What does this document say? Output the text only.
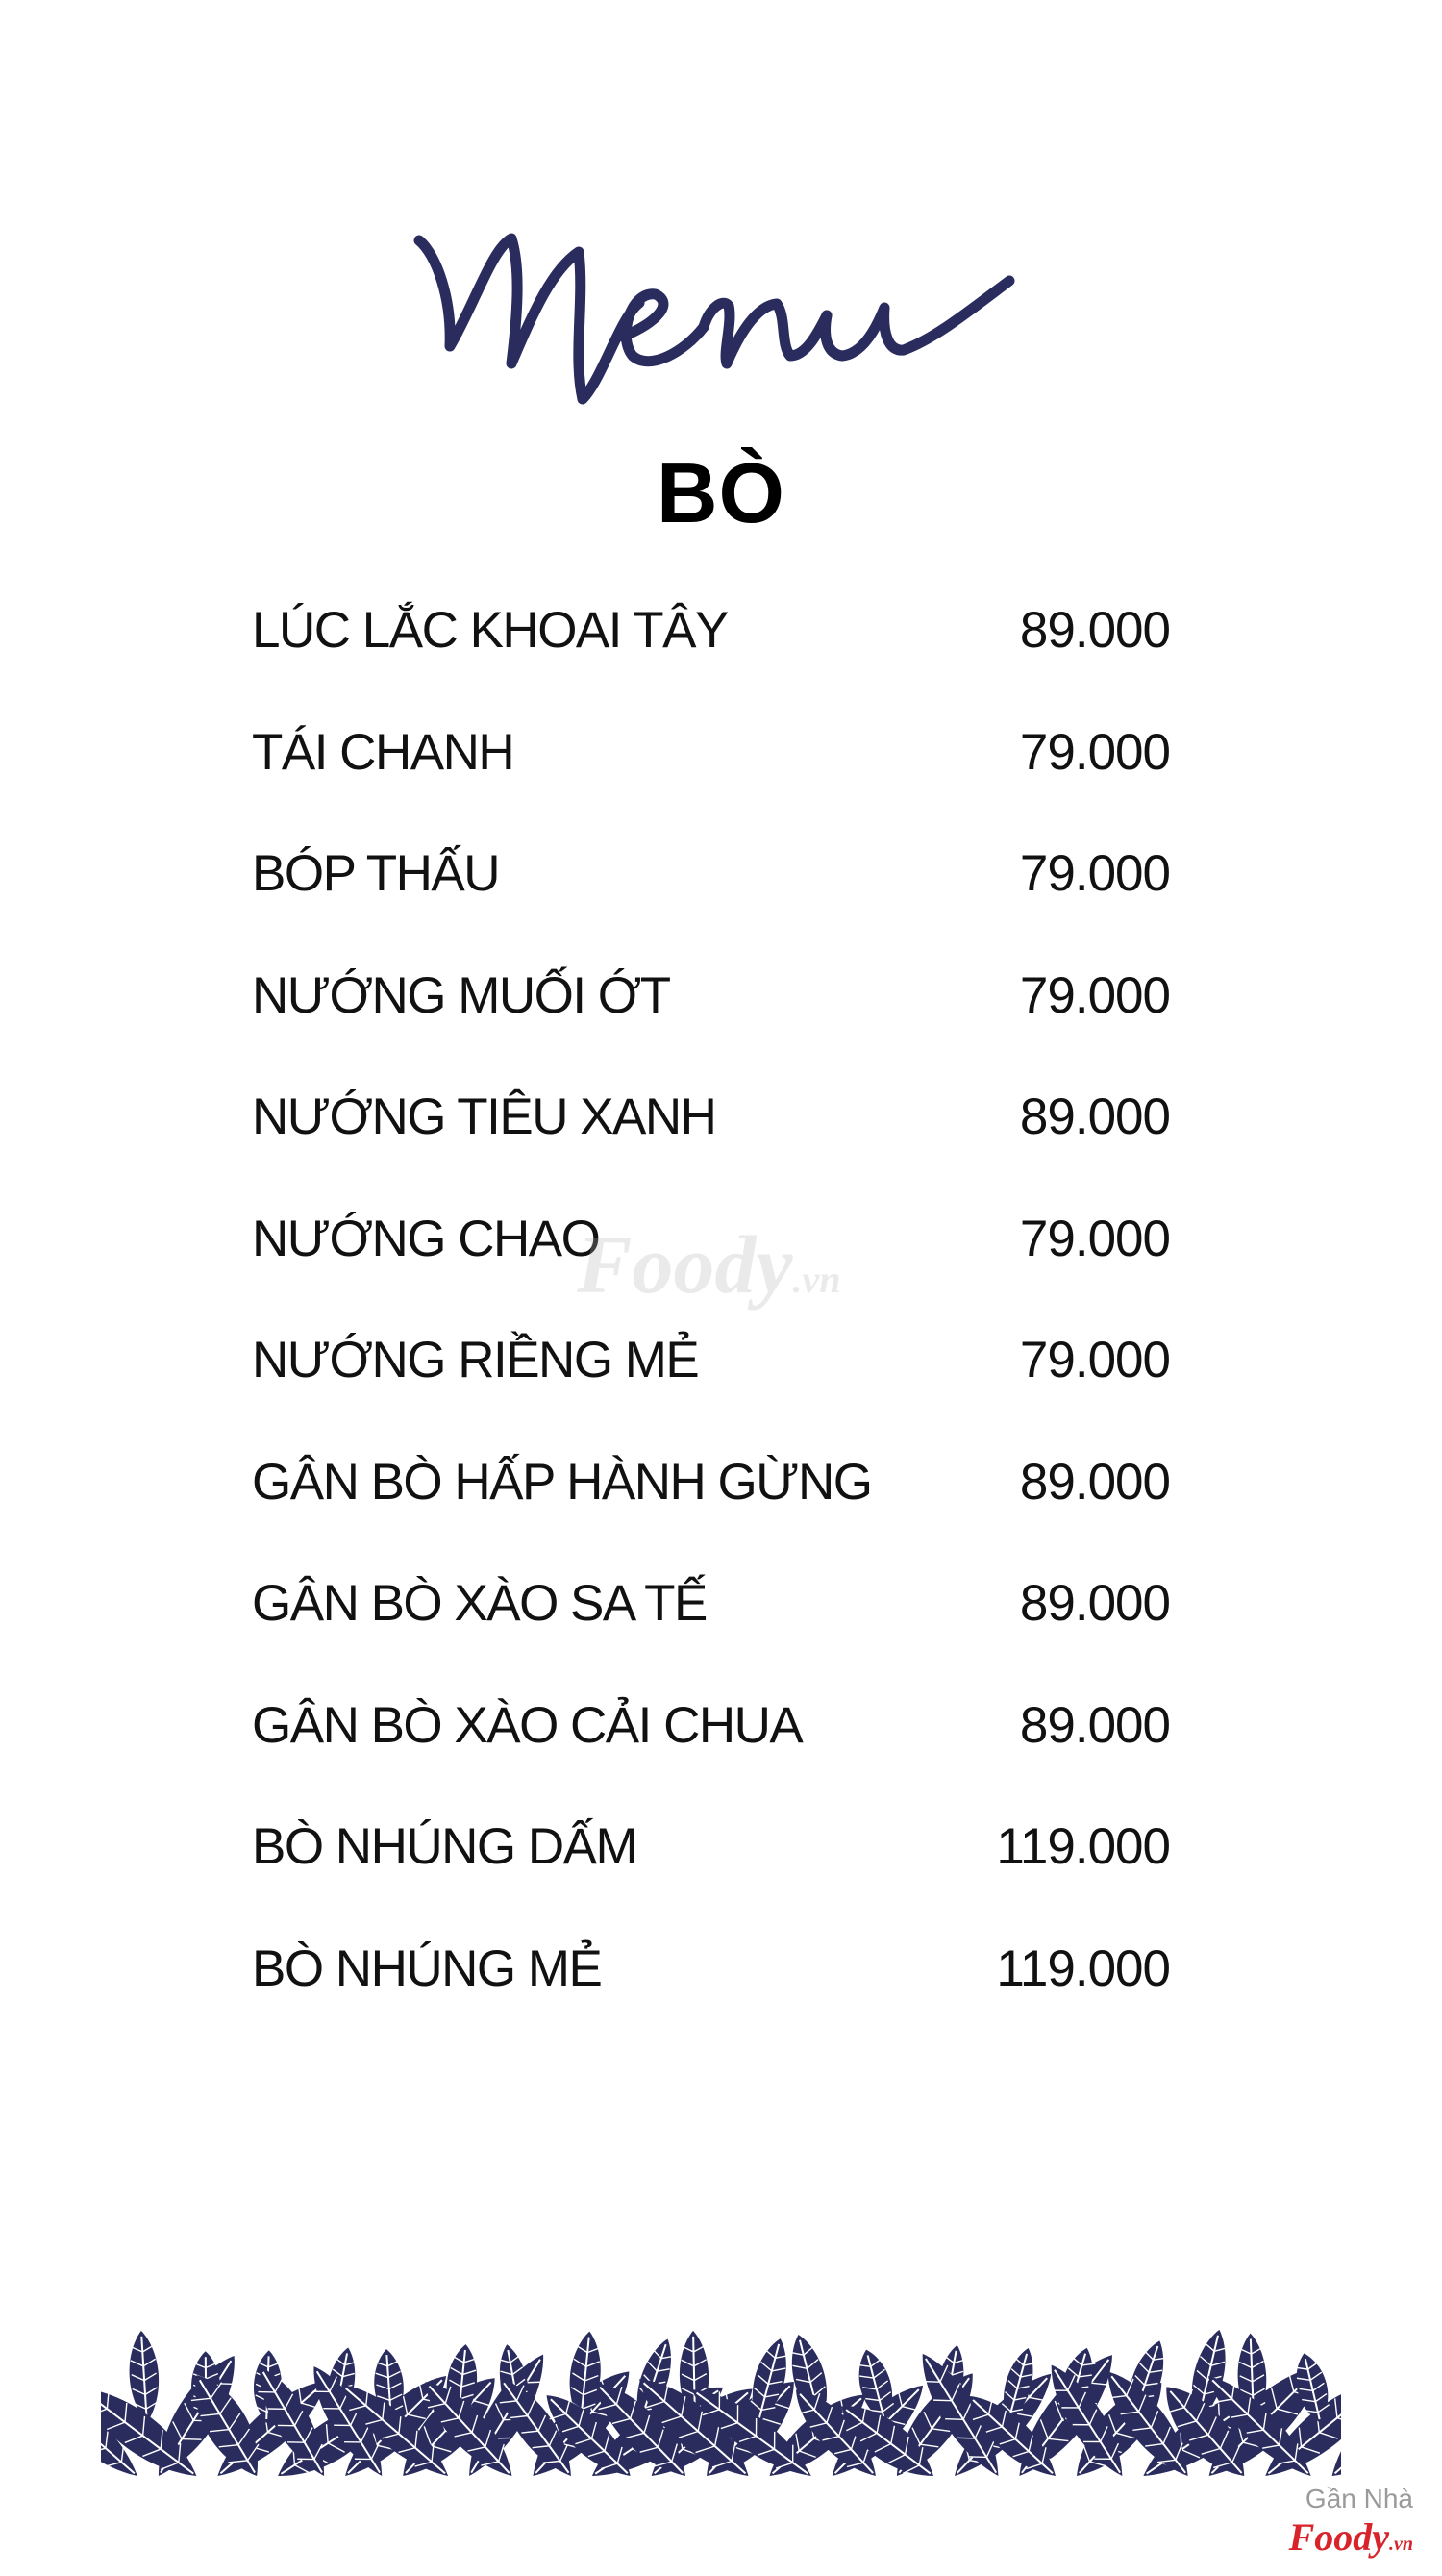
BÒ
LÚC LẮC KHOAI TÂY	89.000
TÁI CHANH	79.000
BÓP THẤU	79.000
NƯỚNG MUỐI ỚT	79.000
NƯỚNG TIÊU XANH	89.000
NƯỚNG CHAO	79.000
NƯỚNG RIỀNG MẺ	79.000
GÂN BÒ HẤP HÀNH GỪNG	89.000
GÂN BÒ XÀO SA TẾ	89.000
GÂN BÒ XÀO CẢI CHUA	89.000
BÒ NHÚNG DẤM	119.000
BÒ NHÚNG MẺ	119.000
Foody.vn
Gần Nhà
Foody.vn
